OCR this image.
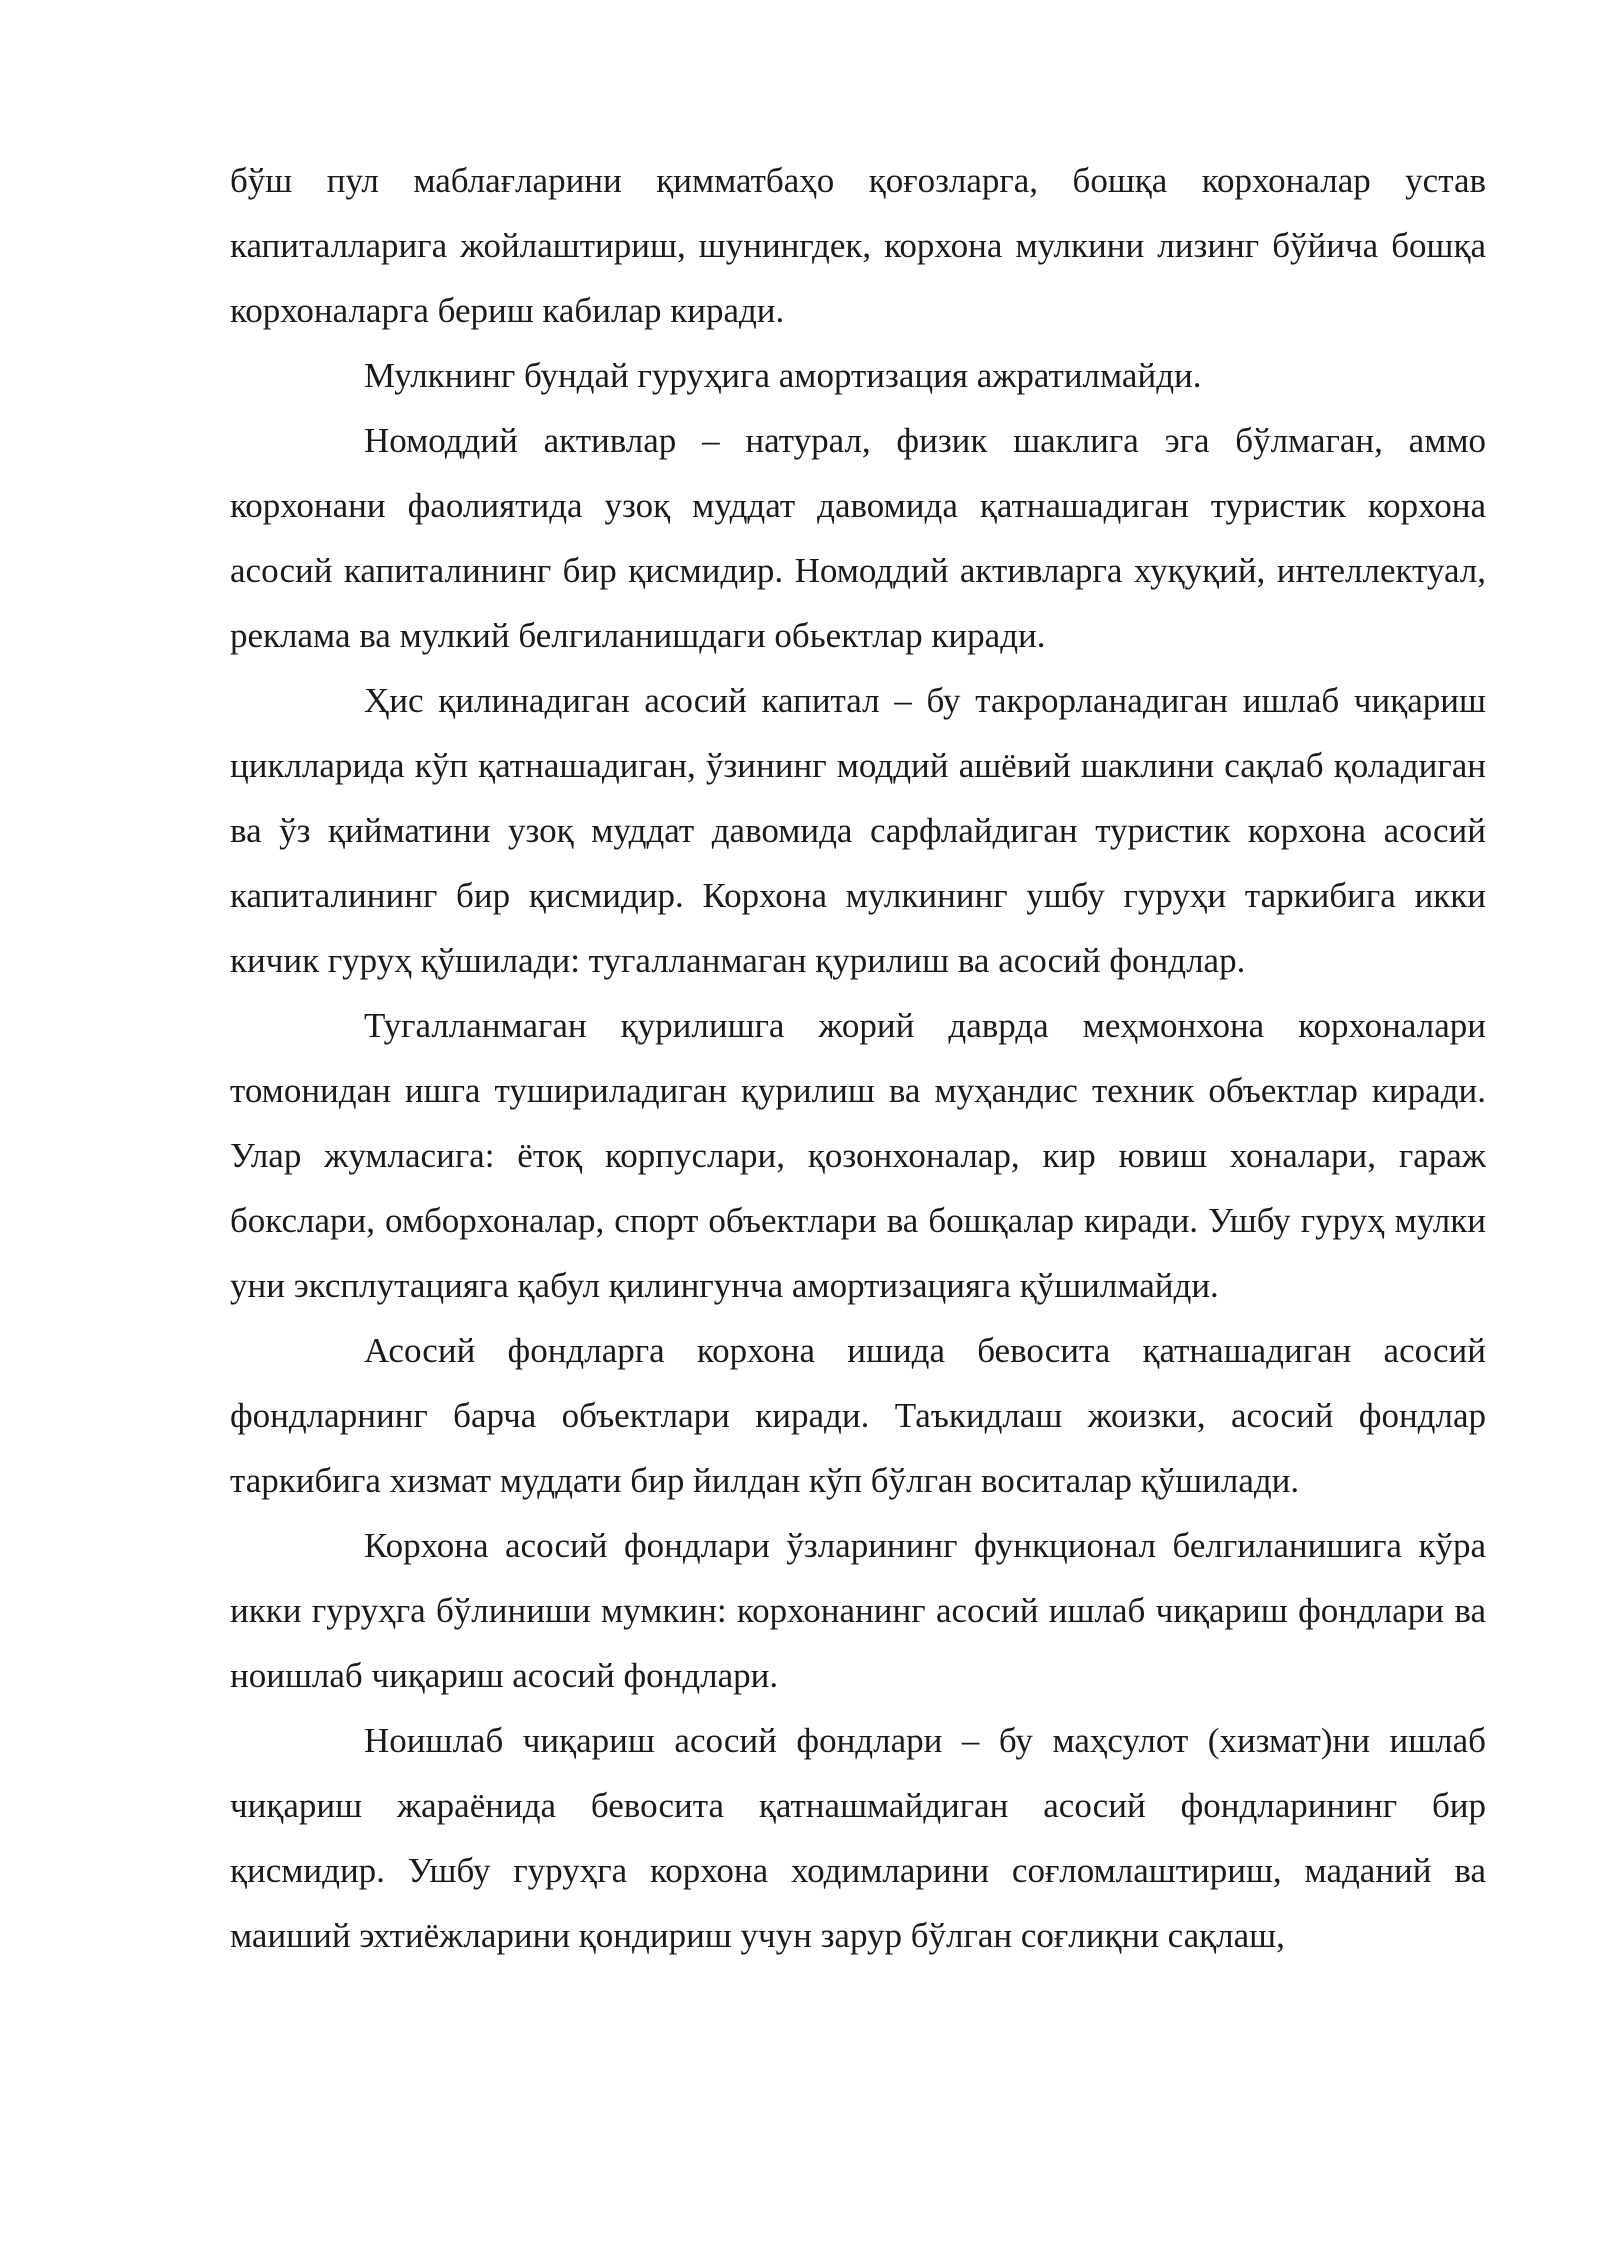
бўш пул маблағларини қимматбаҳо қоғозларга, бошқа корхоналар устав капиталларига жойлаштириш, шунингдек, корхона мулкини лизинг бўйича бошқа корхоналарга бериш кабилар киради.

Мулкнинг бундай гуруҳига амортизация ажратилмайди.

Номоддий активлар – натурал, физик шаклига эга бўлмаган, аммо корхонани фаолиятида узоқ муддат давомида қатнашадиган туристик корхона асосий капиталининг бир қисмидир. Номоддий активларга хуқуқий, интеллектуал, реклама ва мулкий белгиланишдаги обьектлар киради.

Ҳис қилинадиган асосий капитал – бу такрорланадиган ишлаб чиқариш циклларида кўп қатнашадиган, ўзининг моддий ашёвий шаклини сақлаб қоладиган ва ўз қийматини узоқ муддат давомида сарфлайдиган туристик корхона асосий капиталининг бир қисмидир. Корхона мулкининг ушбу гуруҳи таркибига икки кичик гуруҳ қўшилади: тугалланмаган қурилиш ва асосий фондлар.

Тугалланмаган қурилишга жорий даврда меҳмонхона корхоналари томонидан ишга тушириладиган қурилиш ва муҳандис техник объектлар киради. Улар жумласига: ётоқ корпуслари, қозонхоналар, кир ювиш хоналари, гараж бокслари, омборхоналар, спорт объектлари ва бошқалар киради. Ушбу гуруҳ мулки уни эксплутацияга қабул қилингунча амортизацияга қўшилмайди.

Асосий фондларга корхона ишида бевосита қатнашадиган асосий фондларнинг барча объектлари киради. Таъкидлаш жоизки, асосий фондлар таркибига хизмат муддати бир йилдан кўп бўлган воситалар қўшилади.

Корхона асосий фондлари ўзларининг функционал белгиланишига кўра икки гуруҳга бўлиниши мумкин: корхонанинг асосий ишлаб чиқариш фондлари ва ноишлаб чиқариш асосий фондлари.

Ноишлаб чиқариш асосий фондлари – бу маҳсулот (хизмат)ни ишлаб чиқариш жараёнида бевосита қатнашмайдиган асосий фондларининг бир қисмидир. Ушбу гуруҳга корхона ходимларини соғломлаштириш, маданий ва маиший эхтиёжларини қондириш учун зарур бўлган соғлиқни сақлаш,
